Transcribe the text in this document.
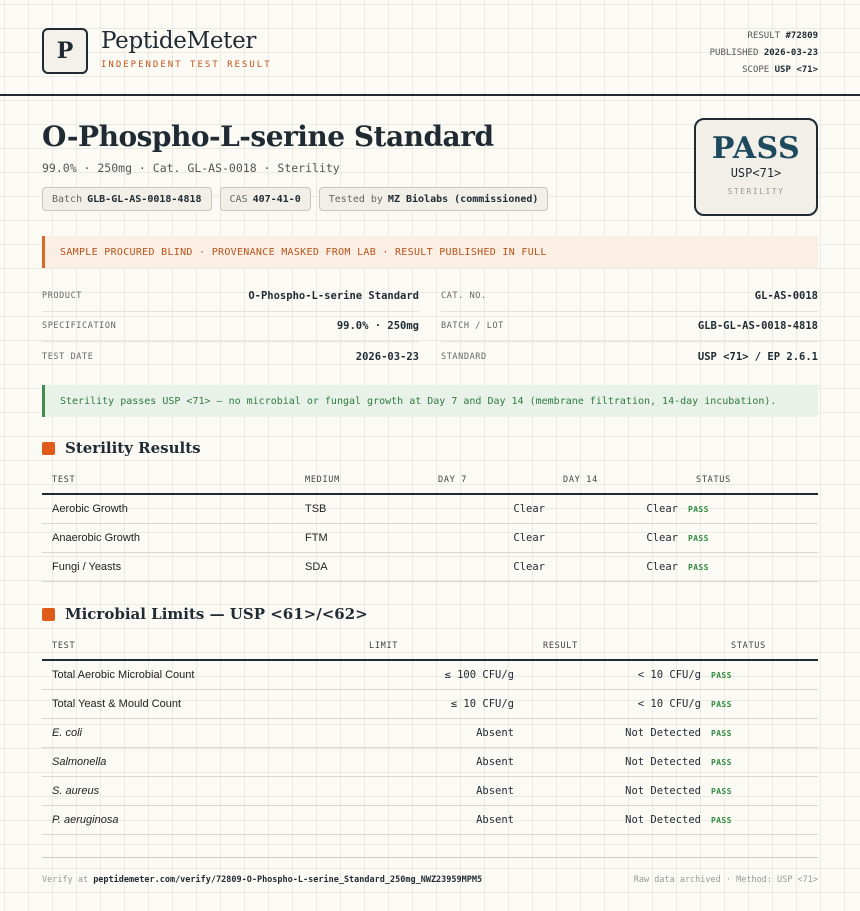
P	PeptideMeter
INDEPENDENT TEST RESULT
RESULT #72809
PUBLISHED 2026-03-23
SCOPE USP <71>
O-Phospho-L-serine Standard
99.0% · 250mg · Cat. GL-AS-0018 · Sterility
Batch GLB-GL-AS-0018-4818	CAS 407-41-0	Tested by MZ Biolabs (commissioned)
PASS
USP<71>
STERILITY
SAMPLE PROCURED BLIND · PROVENANCE MASKED FROM LAB · RESULT PUBLISHED IN FULL
PRODUCT	O-Phospho-L-serine Standard
SPECIFICATION	99.0% · 250mg
TEST DATE	2026-03-23
CAT. NO.	GL-AS-0018
BATCH / LOT	GLB-GL-AS-0018-4818
STANDARD	USP <71> / EP 2.6.1
Sterility passes USP <71> — no microbial or fungal growth at Day 7 and Day 14 (membrane filtration, 14-day incubation).
Sterility Results
TEST	MEDIUM	DAY 7	DAY 14	STATUS
Aerobic Growth	TSB	Clear	Clear	PASS
Anaerobic Growth	FTM	Clear	Clear	PASS
Fungi / Yeasts	SDA	Clear	Clear	PASS
Microbial Limits — USP <61>/<62>
TEST	LIMIT	RESULT	STATUS
Total Aerobic Microbial Count	≤ 100 CFU/g	< 10 CFU/g	PASS
Total Yeast & Mould Count	≤ 10 CFU/g	< 10 CFU/g	PASS
E. coli	Absent	Not Detected	PASS
Salmonella	Absent	Not Detected	PASS
S. aureus	Absent	Not Detected	PASS
P. aeruginosa	Absent	Not Detected	PASS
Verify at peptidemeter.com/verify/72809-O-Phospho-L-serine_Standard_250mg_NWZ23959MPM5	Raw data archived · Method: USP <71>
